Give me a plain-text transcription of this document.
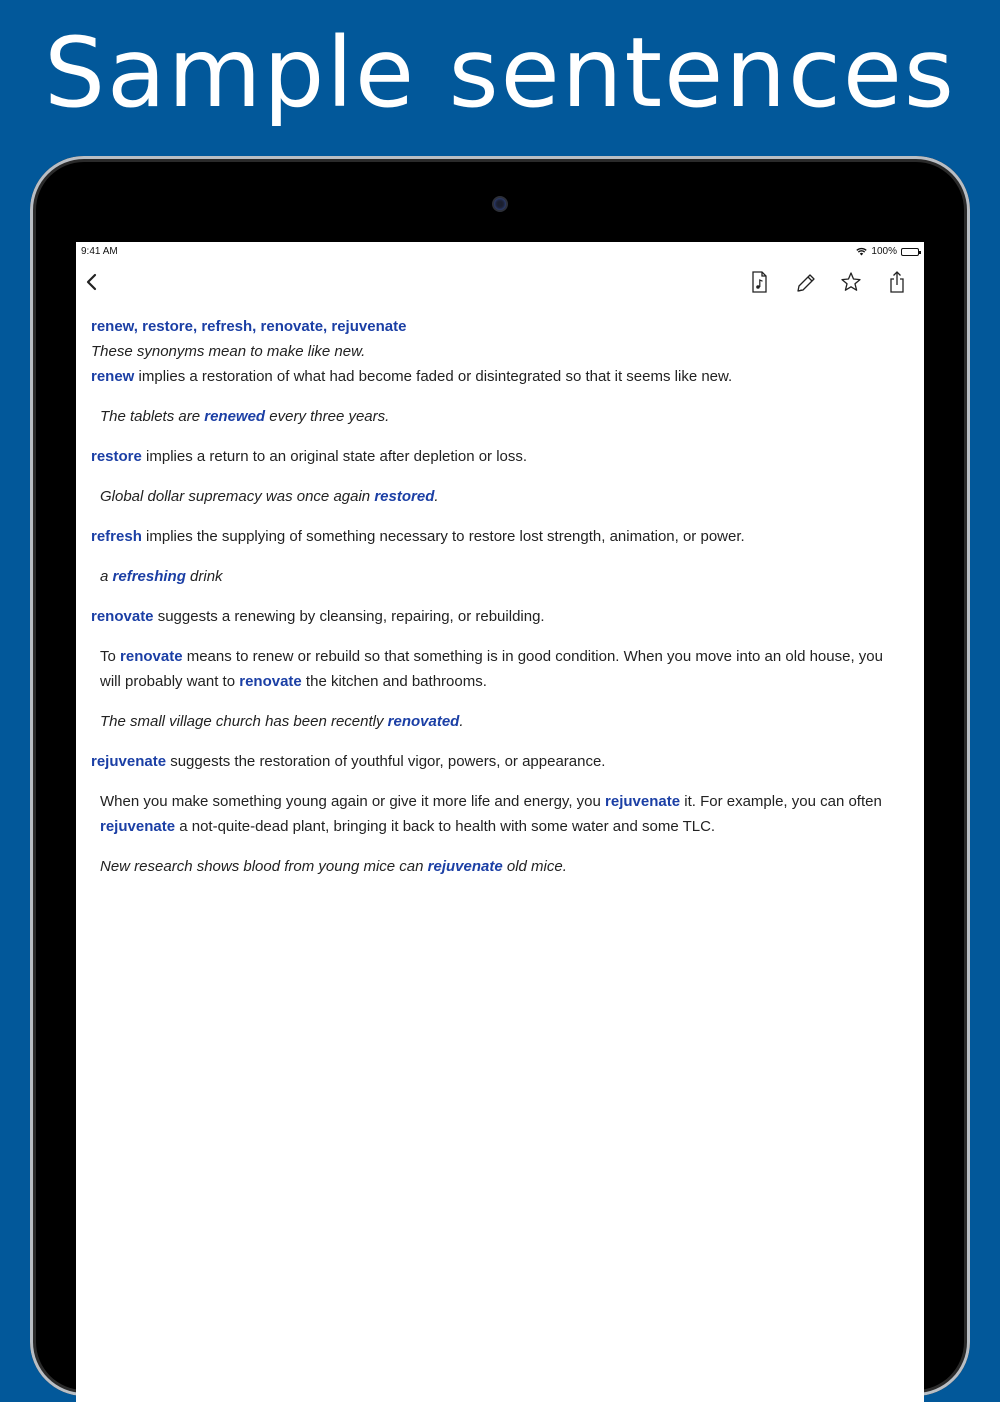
Sample sentences
9:41 AM	100%

renew, restore, refresh, renovate, rejuvenate

These synonyms mean to make like new.

renew implies a restoration of what had become faded or disintegrated so that it seems like new.

The tablets are renewed every three years.

restore implies a return to an original state after depletion or loss.

Global dollar supremacy was once again restored.

refresh implies the supplying of something necessary to restore lost strength, animation, or power.

a refreshing drink

renovate suggests a renewing by cleansing, repairing, or rebuilding.

To renovate means to renew or rebuild so that something is in good condition. When you move into an old house, you will probably want to renovate the kitchen and bathrooms.

The small village church has been recently renovated.

rejuvenate suggests the restoration of youthful vigor, powers, or appearance.

When you make something young again or give it more life and energy, you rejuvenate it. For example, you can often rejuvenate a not-quite-dead plant, bringing it back to health with some water and some TLC.

New research shows blood from young mice can rejuvenate old mice.
